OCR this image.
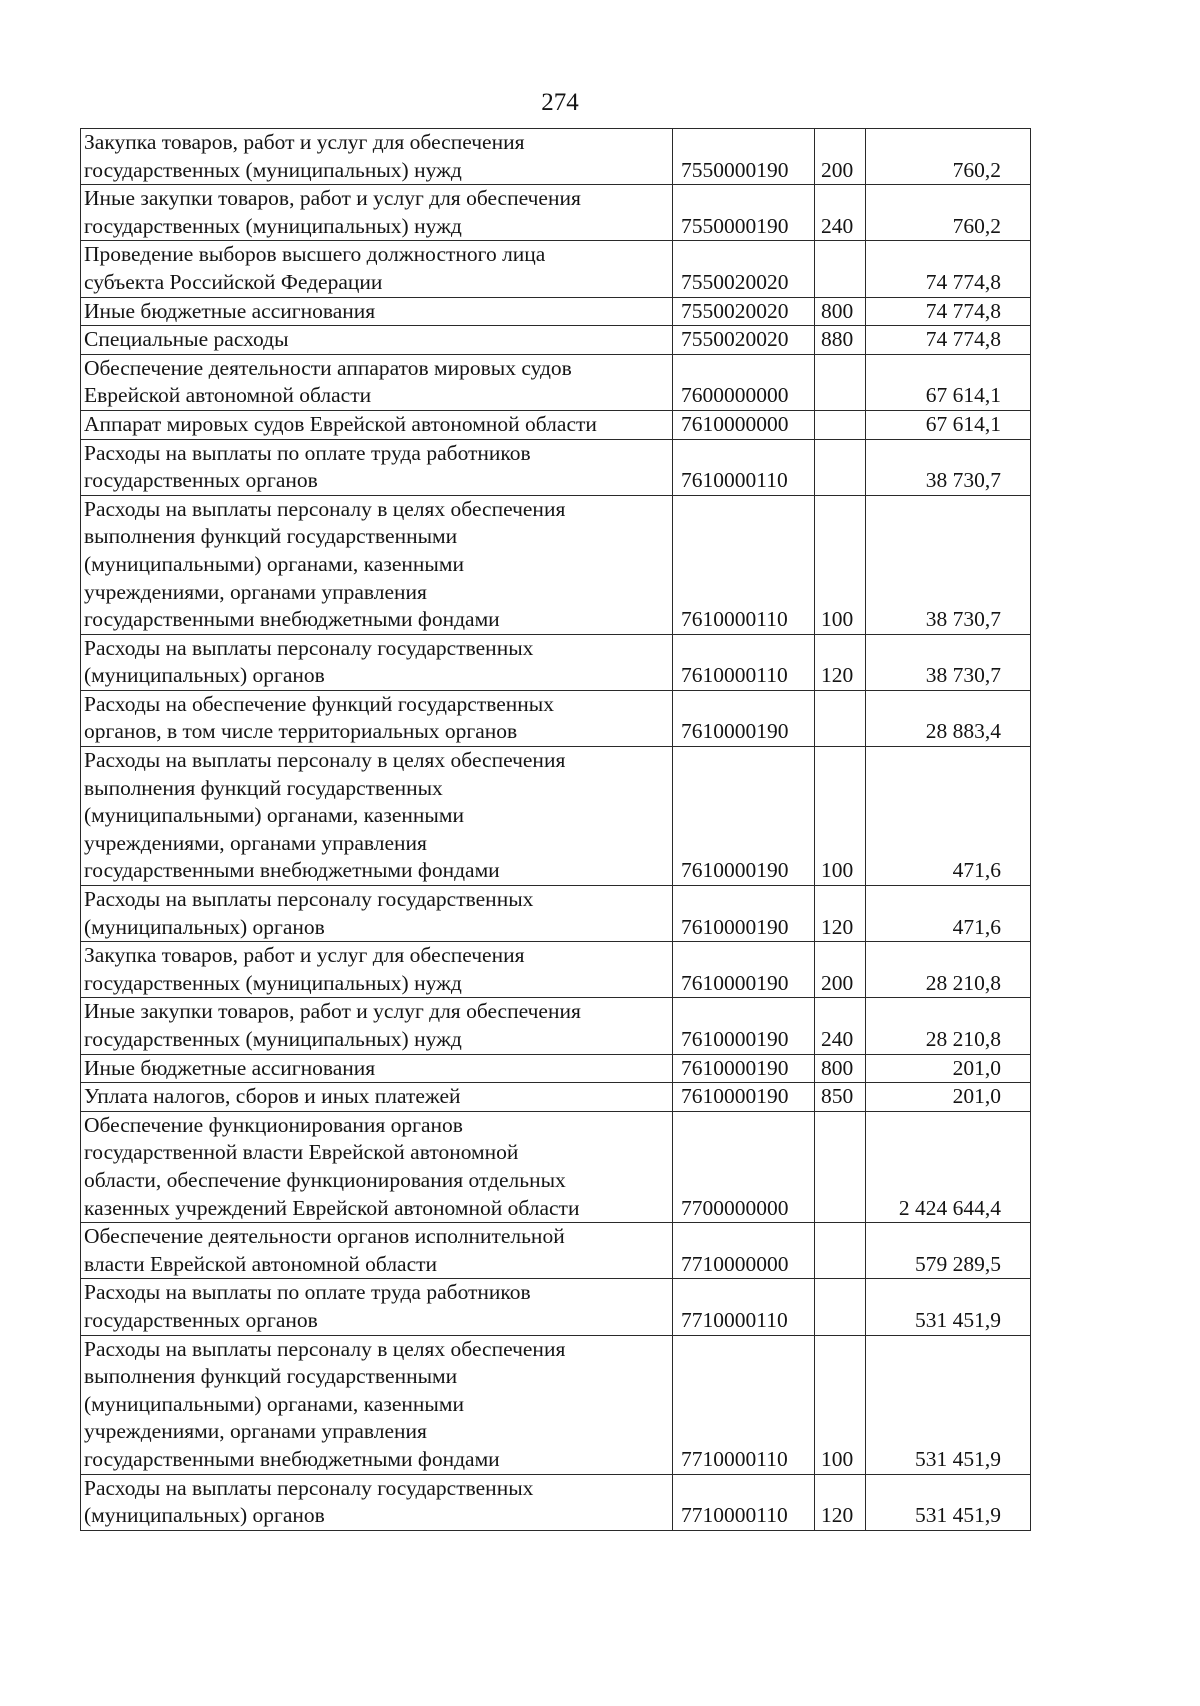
274
Закупка товаров, работ и услуг для обеспечения
государственных (муниципальных) нужд	7550000190	200	760,2
Иные закупки товаров, работ и услуг для обеспечения
государственных (муниципальных) нужд	7550000190	240	760,2
Проведение выборов высшего должностного лица
субъекта Российской Федерации	7550020020		74 774,8
Иные бюджетные ассигнования	7550020020	800	74 774,8
Специальные расходы	7550020020	880	74 774,8
Обеспечение деятельности аппаратов мировых судов
Еврейской автономной области	7600000000		67 614,1
Аппарат мировых судов Еврейской автономной области	7610000000		67 614,1
Расходы на выплаты по оплате труда работников
государственных органов	7610000110		38 730,7
Расходы на выплаты персоналу в целях обеспечения
выполнения функций государственными
(муниципальными) органами, казенными
учреждениями, органами управления
государственными внебюджетными фондами	7610000110	100	38 730,7
Расходы на выплаты персоналу государственных
(муниципальных) органов	7610000110	120	38 730,7
Расходы на обеспечение функций государственных
органов, в том числе территориальных органов	7610000190		28 883,4
Расходы на выплаты персоналу в целях обеспечения
выполнения функций государственных
(муниципальными) органами, казенными
учреждениями, органами управления
государственными внебюджетными фондами	7610000190	100	471,6
Расходы на выплаты персоналу государственных
(муниципальных) органов	7610000190	120	471,6
Закупка товаров, работ и услуг для обеспечения
государственных (муниципальных) нужд	7610000190	200	28 210,8
Иные закупки товаров, работ и услуг для обеспечения
государственных (муниципальных) нужд	7610000190	240	28 210,8
Иные бюджетные ассигнования	7610000190	800	201,0
Уплата налогов, сборов и иных платежей	7610000190	850	201,0
Обеспечение функционирования органов
государственной власти Еврейской автономной
области, обеспечение функционирования отдельных
казенных учреждений Еврейской автономной области	7700000000		2 424 644,4
Обеспечение деятельности органов исполнительной
власти Еврейской автономной области	7710000000		579 289,5
Расходы на выплаты по оплате труда работников
государственных органов	7710000110		531 451,9
Расходы на выплаты персоналу в целях обеспечения
выполнения функций государственными
(муниципальными) органами, казенными
учреждениями, органами управления
государственными внебюджетными фондами	7710000110	100	531 451,9
Расходы на выплаты персоналу государственных
(муниципальных) органов	7710000110	120	531 451,9
